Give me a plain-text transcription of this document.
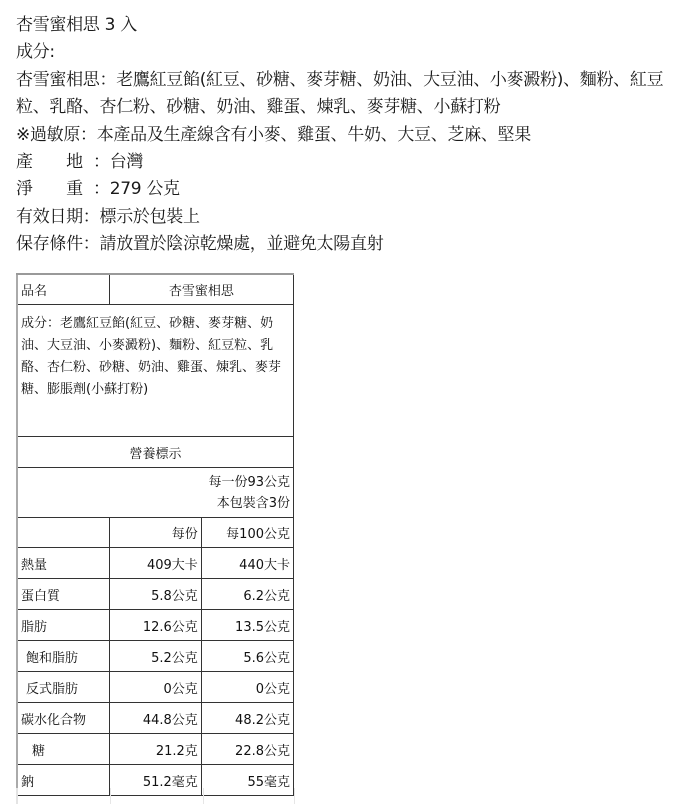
杏雪蜜相思 3 入
成分:
杏雪蜜相思：老鷹紅豆餡(紅豆、砂糖、麥芽糖、奶油、大豆油、小麥澱粉)、麵粉、紅豆粒、乳酪、杏仁粉、砂糖、奶油、雞蛋、煉乳、麥芽糖、小蘇打粉
※過敏原：本產品及生產線含有小麥、雞蛋、牛奶、大豆、芝麻、堅果
產　　地 ：台灣
淨　　重 ：279 公克
有效日期：標示於包裝上
保存條件：請放置於陰涼乾燥處，並避免太陽直射
品名	杏雪蜜相思	
成分：老鷹紅豆餡(紅豆、砂糖、麥芽糖、奶油、大豆油、小麥澱粉)、麵粉、紅豆粒、乳酪、杏仁粉、砂糖、奶油、雞蛋、煉乳、麥芽糖、膨脹劑(小蘇打粉)		
營養標示		

每一份93公克
本包裝含3份		

	每份	每100公克
熱量	409大卡	440大卡
蛋白質	5.8公克	6.2公克
脂肪	12.6公克	13.5公克
飽和脂肪	5.2公克	5.6公克
反式脂肪	0公克	0公克
碳水化合物	44.8公克	48.2公克
糖	21.2克	22.8公克
鈉	51.2毫克	55毫克
